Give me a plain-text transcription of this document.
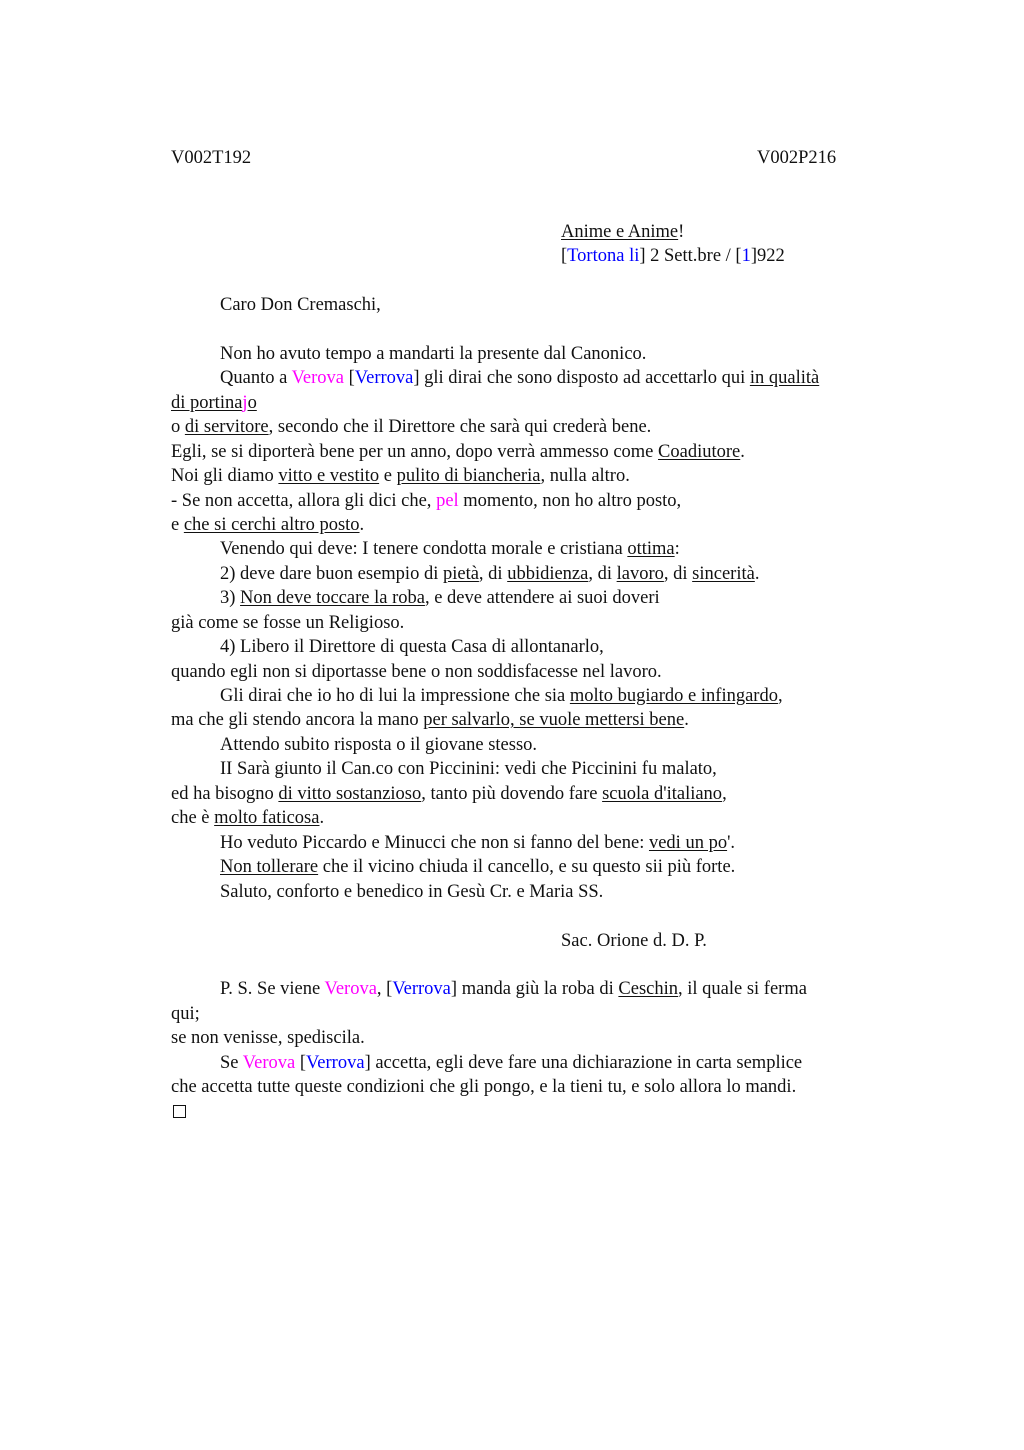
V002T192	V002P216
Anime e Anime!
[Tortona li] 2 Sett.bre / [1]922
Caro Don Cremaschi,
Non ho avuto tempo a mandarti la presente dal Canonico.
Quanto a Verova [Verrova] gli dirai che sono disposto ad accettarlo qui in qualità
di portinajo
o di servitore, secondo che il Direttore che sarà qui crederà bene.
Egli, se si diporterà bene per un anno, dopo verrà ammesso come Coadiutore.
Noi gli diamo vitto e vestito e pulito di biancheria, nulla altro.
- Se non accetta, allora gli dici che, pel momento, non ho altro posto,
e che si cerchi altro posto.
Venendo qui deve: I tenere condotta morale e cristiana ottima:
2) deve dare buon esempio di pietà, di ubbidienza, di lavoro, di sincerità.
3) Non deve toccare la roba, e deve attendere ai suoi doveri
già come se fosse un Religioso.
4) Libero il Direttore di questa Casa di allontanarlo,
quando egli non si diportasse bene o non soddisfacesse nel lavoro.
Gli dirai che io ho di lui la impressione che sia molto bugiardo e infingardo,
ma che gli stendo ancora la mano per salvarlo, se vuole mettersi bene.
Attendo subito risposta o il giovane stesso.
II Sarà giunto il Can.co con Piccinini: vedi che Piccinini fu malato,
ed ha bisogno di vitto sostanzioso, tanto più dovendo fare scuola d'italiano,
che è molto faticosa.
Ho veduto Piccardo e Minucci che non si fanno del bene: vedi un po'.
Non tollerare che il vicino chiuda il cancello, e su questo sii più forte.
Saluto, conforto e benedico in Gesù Cr. e Maria SS.
Sac. Orione d. D. P.
P. S. Se viene Verova, [Verrova] manda giù la roba di Ceschin, il quale si ferma
qui;
se non venisse, spediscila.
Se Verova [Verrova] accetta, egli deve fare una dichiarazione in carta semplice
che accetta tutte queste condizioni che gli pongo, e la tieni tu, e solo allora lo mandi.
